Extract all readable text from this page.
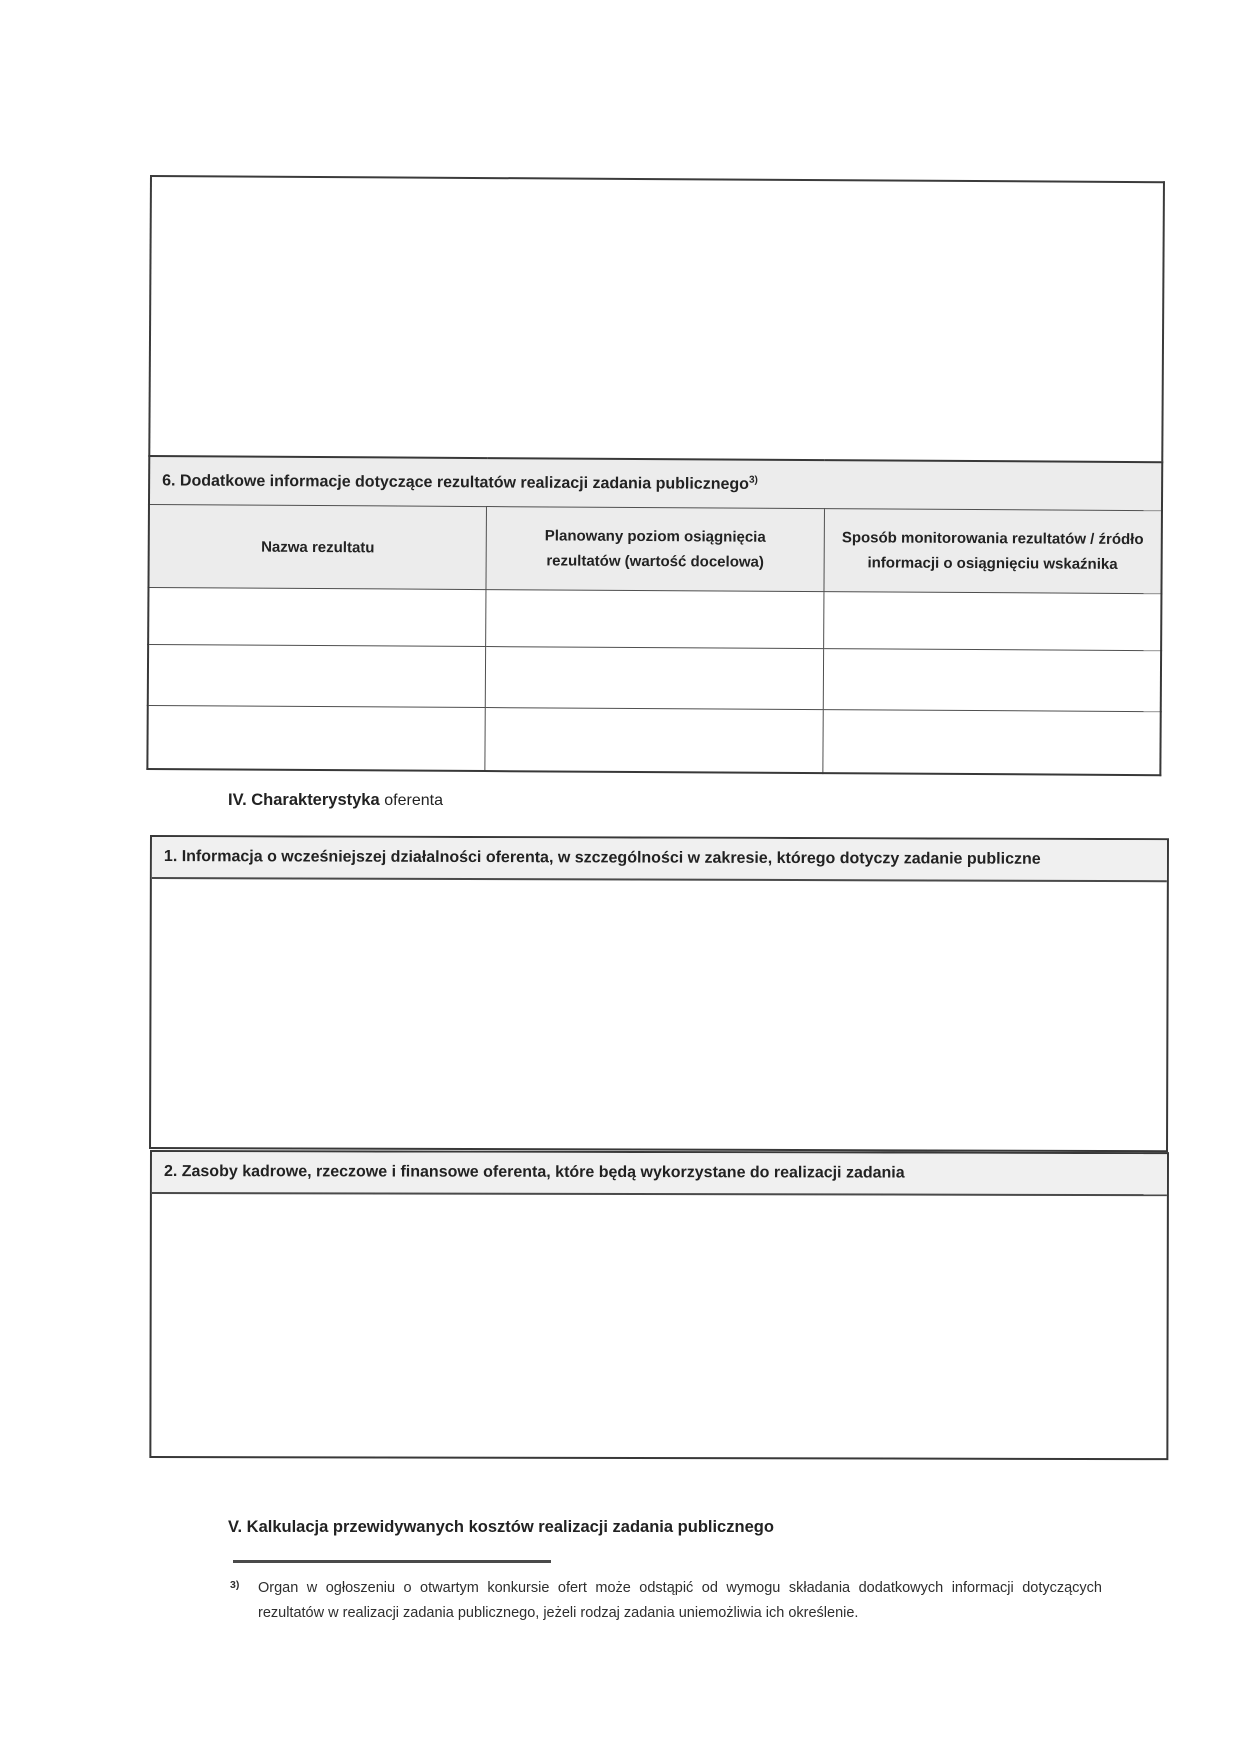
6. Dodatkowe informacje dotyczące rezultatów realizacji zadania publicznego$^{3)}$
Nazwa rezultatu	Planowany poziom osiągnięcia rezultatów (wartość docelowa)	Sposób monitorowania rezultatów / źródło informacji o osiągnięciu wskaźnika

IV. Charakterystyka oferenta
1. Informacja o wcześniejszej działalności oferenta, w szczególności w zakresie, którego dotyczy zadanie publiczne
2. Zasoby kadrowe, rzeczowe i finansowe oferenta, które będą wykorzystane do realizacji zadania
V. Kalkulacja przewidywanych kosztów realizacji zadania publicznego
3)	Organ w ogłoszeniu o otwartym konkursie ofert może odstąpić od wymogu składania dodatkowych informacji dotyczących
rezultatów w realizacji zadania publicznego, jeżeli rodzaj zadania uniemożliwia ich określenie.
